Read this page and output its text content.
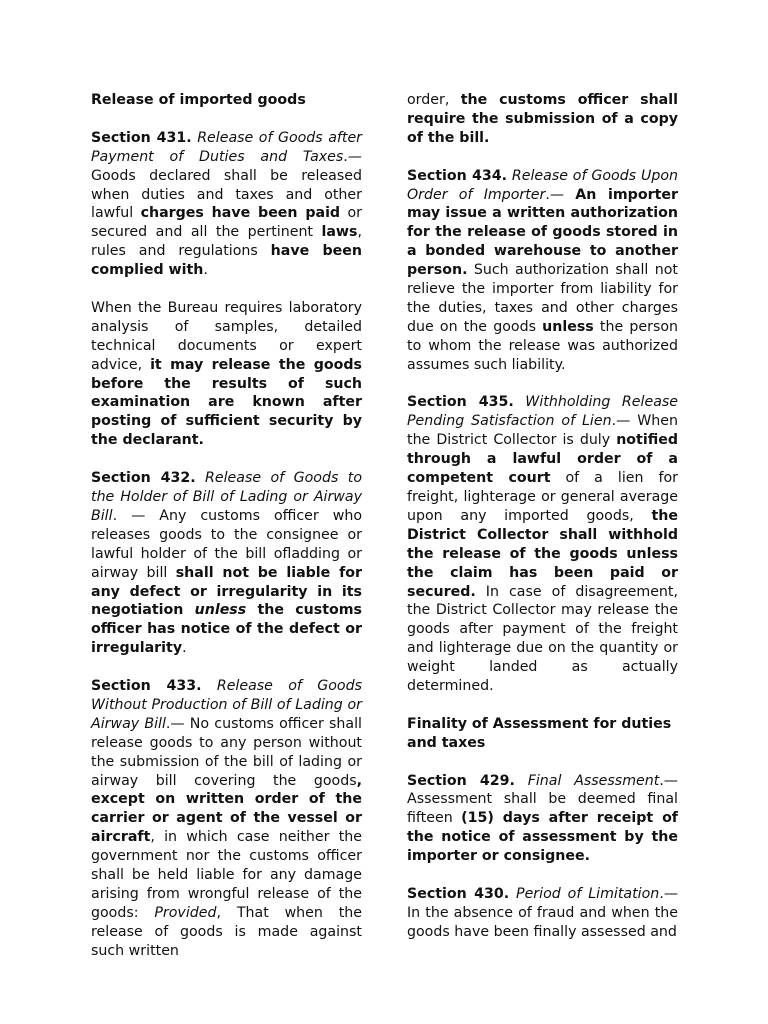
Release of imported goods
Section 431. Release of Goods after Payment of Duties and Taxes.— Goods declared shall be released when duties and taxes and other lawful charges have been paid or secured and all the pertinent laws, rules and regulations have been complied with.
When the Bureau requires laboratory analysis of samples, detailed technical documents or expert advice, it may release the goods before the results of such examination are known after posting of sufficient security by the declarant.
Section 432. Release of Goods to the Holder of Bill of Lading or Airway Bill. — Any customs officer who releases goods to the consignee or lawful holder of the bill ofladding or airway bill shall not be liable for any defect or irregularity in its negotiation unless the customs officer has notice of the defect or irregularity.
Section 433. Release of Goods Without Production of Bill of Lading or Airway Bill.— No customs officer shall release goods to any person without the submission of the bill of lading or airway bill covering the goods, except on written order of the carrier or agent of the vessel or aircraft, in which case neither the government nor the customs officer shall be held liable for any damage arising from wrongful release of the goods: Provided, That when the release of goods is made against such written
order, the customs officer shall require the submission of a copy of the bill.
Section 434. Release of Goods Upon Order of Importer.— An importer may issue a written authorization for the release of goods stored in a bonded warehouse to another person. Such authorization shall not relieve the importer from liability for the duties, taxes and other charges due on the goods unless the person to whom the release was authorized assumes such liability.
Section 435. Withholding Release Pending Satisfaction of Lien.— When the District Collector is duly notified through a lawful order of a competent court of a lien for freight, lighterage or general average upon any imported goods, the District Collector shall withhold the release of the goods unless the claim has been paid or secured. In case of disagreement, the District Collector may release the goods after payment of the freight and lighterage due on the quantity or weight landed as actually determined.
Finality of Assessment for duties and taxes
Section 429. Final Assessment.— Assessment shall be deemed final fifteen (15) days after receipt of the notice of assessment by the importer or consignee.
Section 430. Period of Limitation.— In the absence of fraud and when the goods have been finally assessed and
